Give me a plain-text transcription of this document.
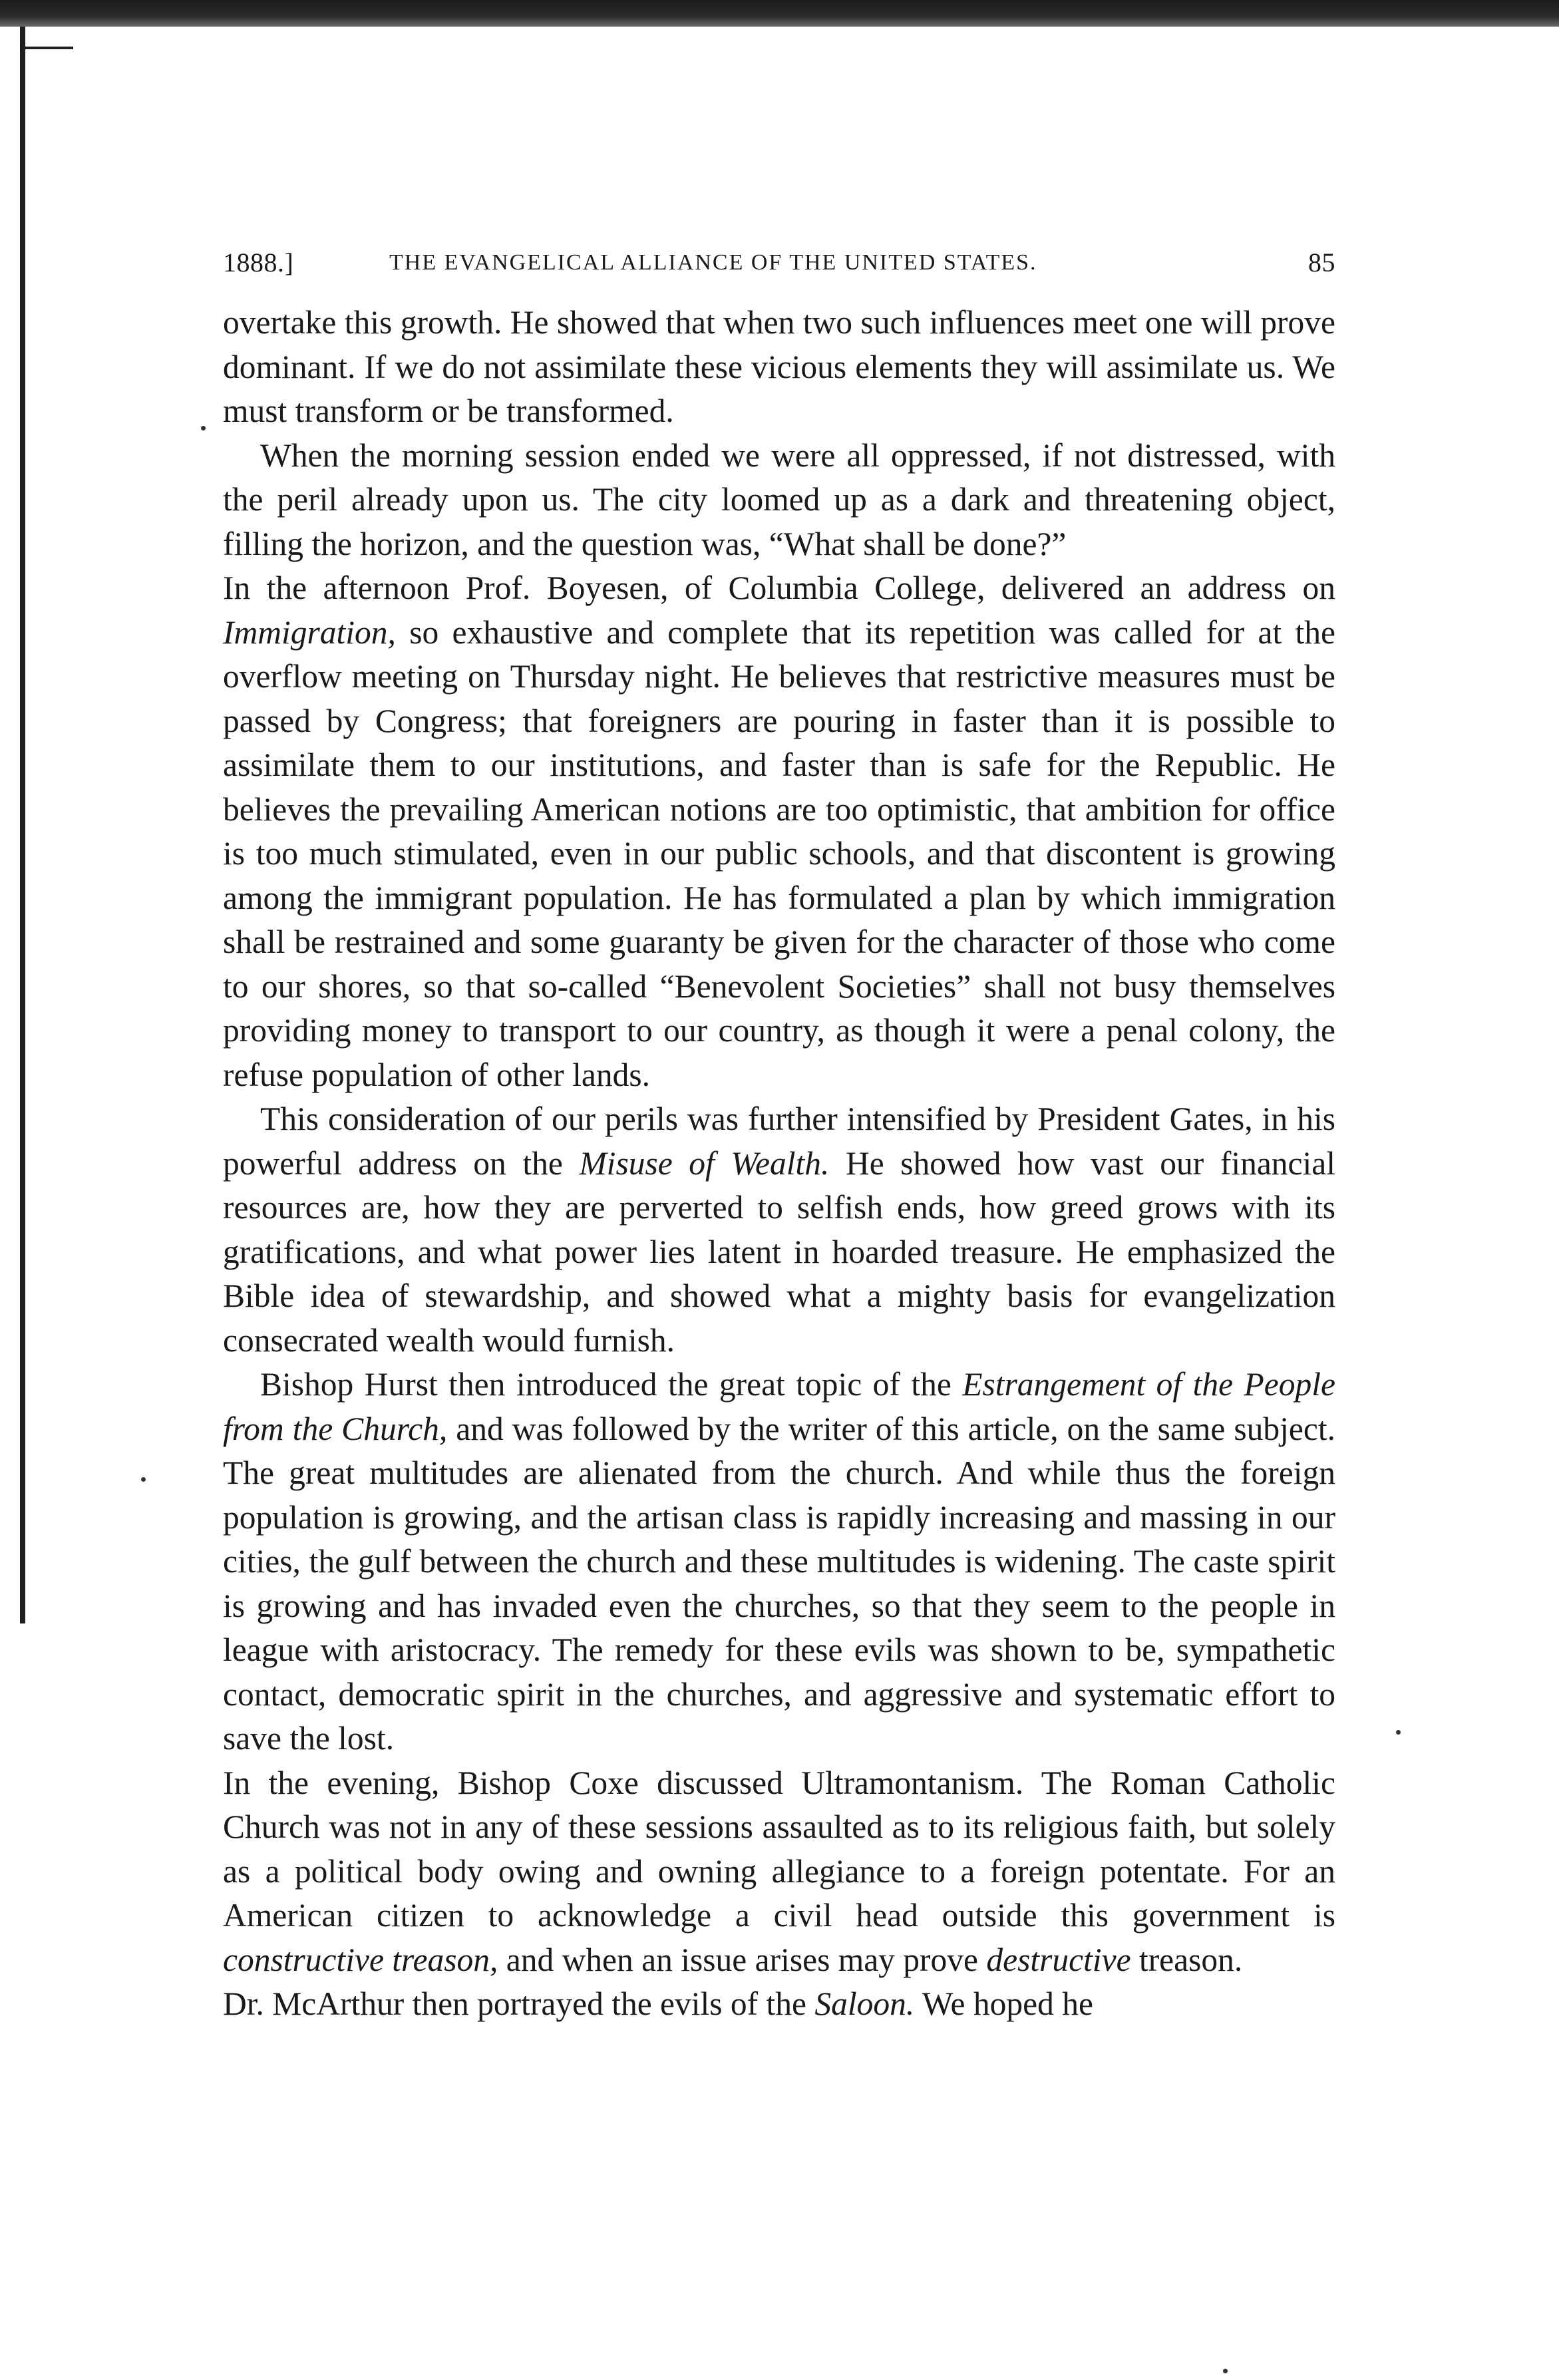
1888.]	THE EVANGELICAL ALLIANCE OF THE UNITED STATES.	85

overtake this growth. He showed that when two such influences meet one will prove dominant. If we do not assimilate these vicious elements they will assimilate us. We must transform or be transformed.

When the morning session ended we were all oppressed, if not distressed, with the peril already upon us. The city loomed up as a dark and threatening object, filling the horizon, and the question was, “What shall be done?”

In the afternoon Prof. Boyesen, of Columbia College, delivered an address on Immigration, so exhaustive and complete that its repetition was called for at the overflow meeting on Thursday night. He believes that restrictive measures must be passed by Congress; that foreigners are pouring in faster than it is possible to assimilate them to our institutions, and faster than is safe for the Republic. He believes the prevailing American notions are too optimistic, that ambition for office is too much stimulated, even in our public schools, and that discontent is growing among the immigrant population. He has formulated a plan by which immigration shall be restrained and some guaranty be given for the character of those who come to our shores, so that so-called “Benevolent Societies” shall not busy themselves providing money to transport to our country, as though it were a penal colony, the refuse population of other lands.

This consideration of our perils was further intensified by President Gates, in his powerful address on the Misuse of Wealth. He showed how vast our financial resources are, how they are perverted to selfish ends, how greed grows with its gratifications, and what power lies latent in hoarded treasure. He emphasized the Bible idea of stewardship, and showed what a mighty basis for evangelization consecrated wealth would furnish.

Bishop Hurst then introduced the great topic of the Estrangement of the People from the Church, and was followed by the writer of this article, on the same subject. The great multitudes are alienated from the church. And while thus the foreign population is growing, and the artisan class is rapidly increasing and massing in our cities, the gulf between the church and these multitudes is widening. The caste spirit is growing and has invaded even the churches, so that they seem to the people in league with aristocracy. The remedy for these evils was shown to be, sympathetic contact, democratic spirit in the churches, and aggressive and systematic effort to save the lost.

In the evening, Bishop Coxe discussed Ultramontanism. The Roman Catholic Church was not in any of these sessions assaulted as to its religious faith, but solely as a political body owing and owning allegiance to a foreign potentate. For an American citizen to acknowledge a civil head outside this government is constructive treason, and when an issue arises may prove destructive treason.

Dr. McArthur then portrayed the evils of the Saloon. We hoped he
